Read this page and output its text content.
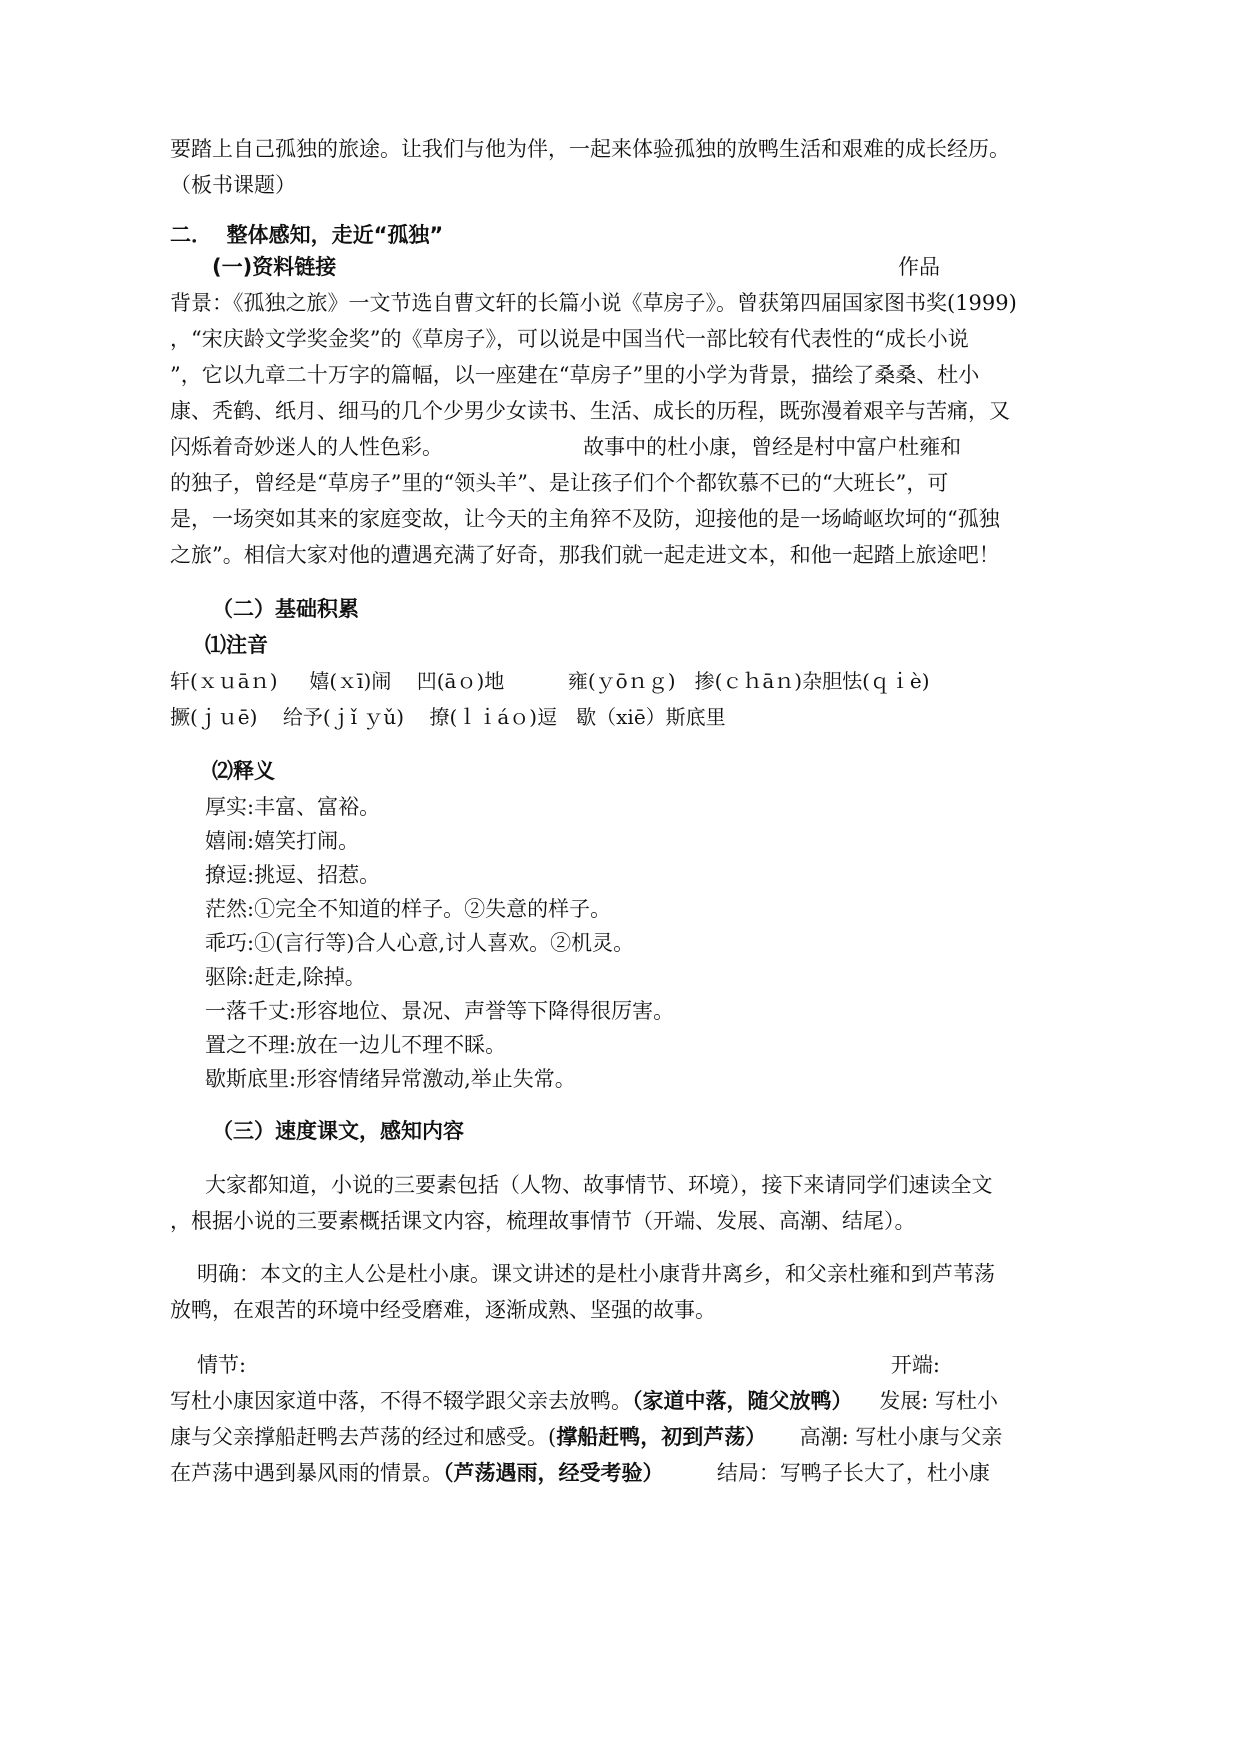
要踏上自己孤独的旅途。让我们与他为伴，一起来体验孤独的放鸭生活和艰难的成长经历。
（板书课题）
二．  整体感知，走近“孤独”
(一)资料链接	作品
背景：《孤独之旅》一文节选自曹文轩的长篇小说《草房子》。曾获第四届国家图书奖(1999)
，“宋庆龄文学奖金奖”的《草房子》，可以说是中国当代一部比较有代表性的“成长小说
”，它以九章二十万字的篇幅，以一座建在“草房子”里的小学为背景，描绘了桑桑、杜小
康、秃鹤、纸月、细马的几个少男少女读书、生活、成长的历程，既弥漫着艰辛与苦痛，又
闪烁着奇妙迷人的人性色彩。                     故事中的杜小康，曾经是村中富户杜雍和
的独子，曾经是“草房子”里的“领头羊”、是让孩子们个个都钦慕不已的“大班长”，可
是，一场突如其来的家庭变故，让今天的主角猝不及防，迎接他的是一场崎岖坎坷的“孤独
之旅”。相信大家对他的遭遇充满了好奇，那我们就一起走进文本，和他一起踏上旅途吧！
（二）基础积累
⑴注音
轩(ｘｕāｎ)     嬉(ｘī)闹    凹(āｏ)地          雍(ｙōｎｇ)   掺(ｃｈāｎ)杂胆怯(ｑｉè)
撅(ｊｕē)    给予(ｊǐ ｙǔ)    撩(ｌｉáｏ)逗   歇（xiē）斯底里
⑵释义
厚实:丰富、富裕。
嬉闹:嬉笑打闹。
撩逗:挑逗、招惹。
茫然:①完全不知道的样子。②失意的样子。
乖巧:①(言行等)合人心意,讨人喜欢。②机灵。
驱除:赶走,除掉。
一落千丈:形容地位、景况、声誉等下降得很厉害。
置之不理:放在一边儿不理不睬。
歇斯底里:形容情绪异常激动,举止失常。
（三）速度课文，感知内容
大家都知道，小说的三要素包括（人物、故事情节、环境），接下来请同学们速读全文
，根据小说的三要素概括课文内容，梳理故事情节（开端、发展、高潮、结尾）。
明确：本文的主人公是杜小康。课文讲述的是杜小康背井离乡，和父亲杜雍和到芦苇荡
放鸭，在艰苦的环境中经受磨难，逐渐成熟、坚强的故事。
情节:	开端:
写杜小康因家道中落，不得不辍学跟父亲去放鸭。（家道中落，随父放鸭）    发展: 写杜小
康与父亲撑船赶鸭去芦荡的经过和感受。(撑船赶鸭，初到芦荡）     高潮: 写杜小康与父亲
在芦荡中遇到暴风雨的情景。（芦荡遇雨，经受考验）        结局：写鸭子长大了，杜小康
